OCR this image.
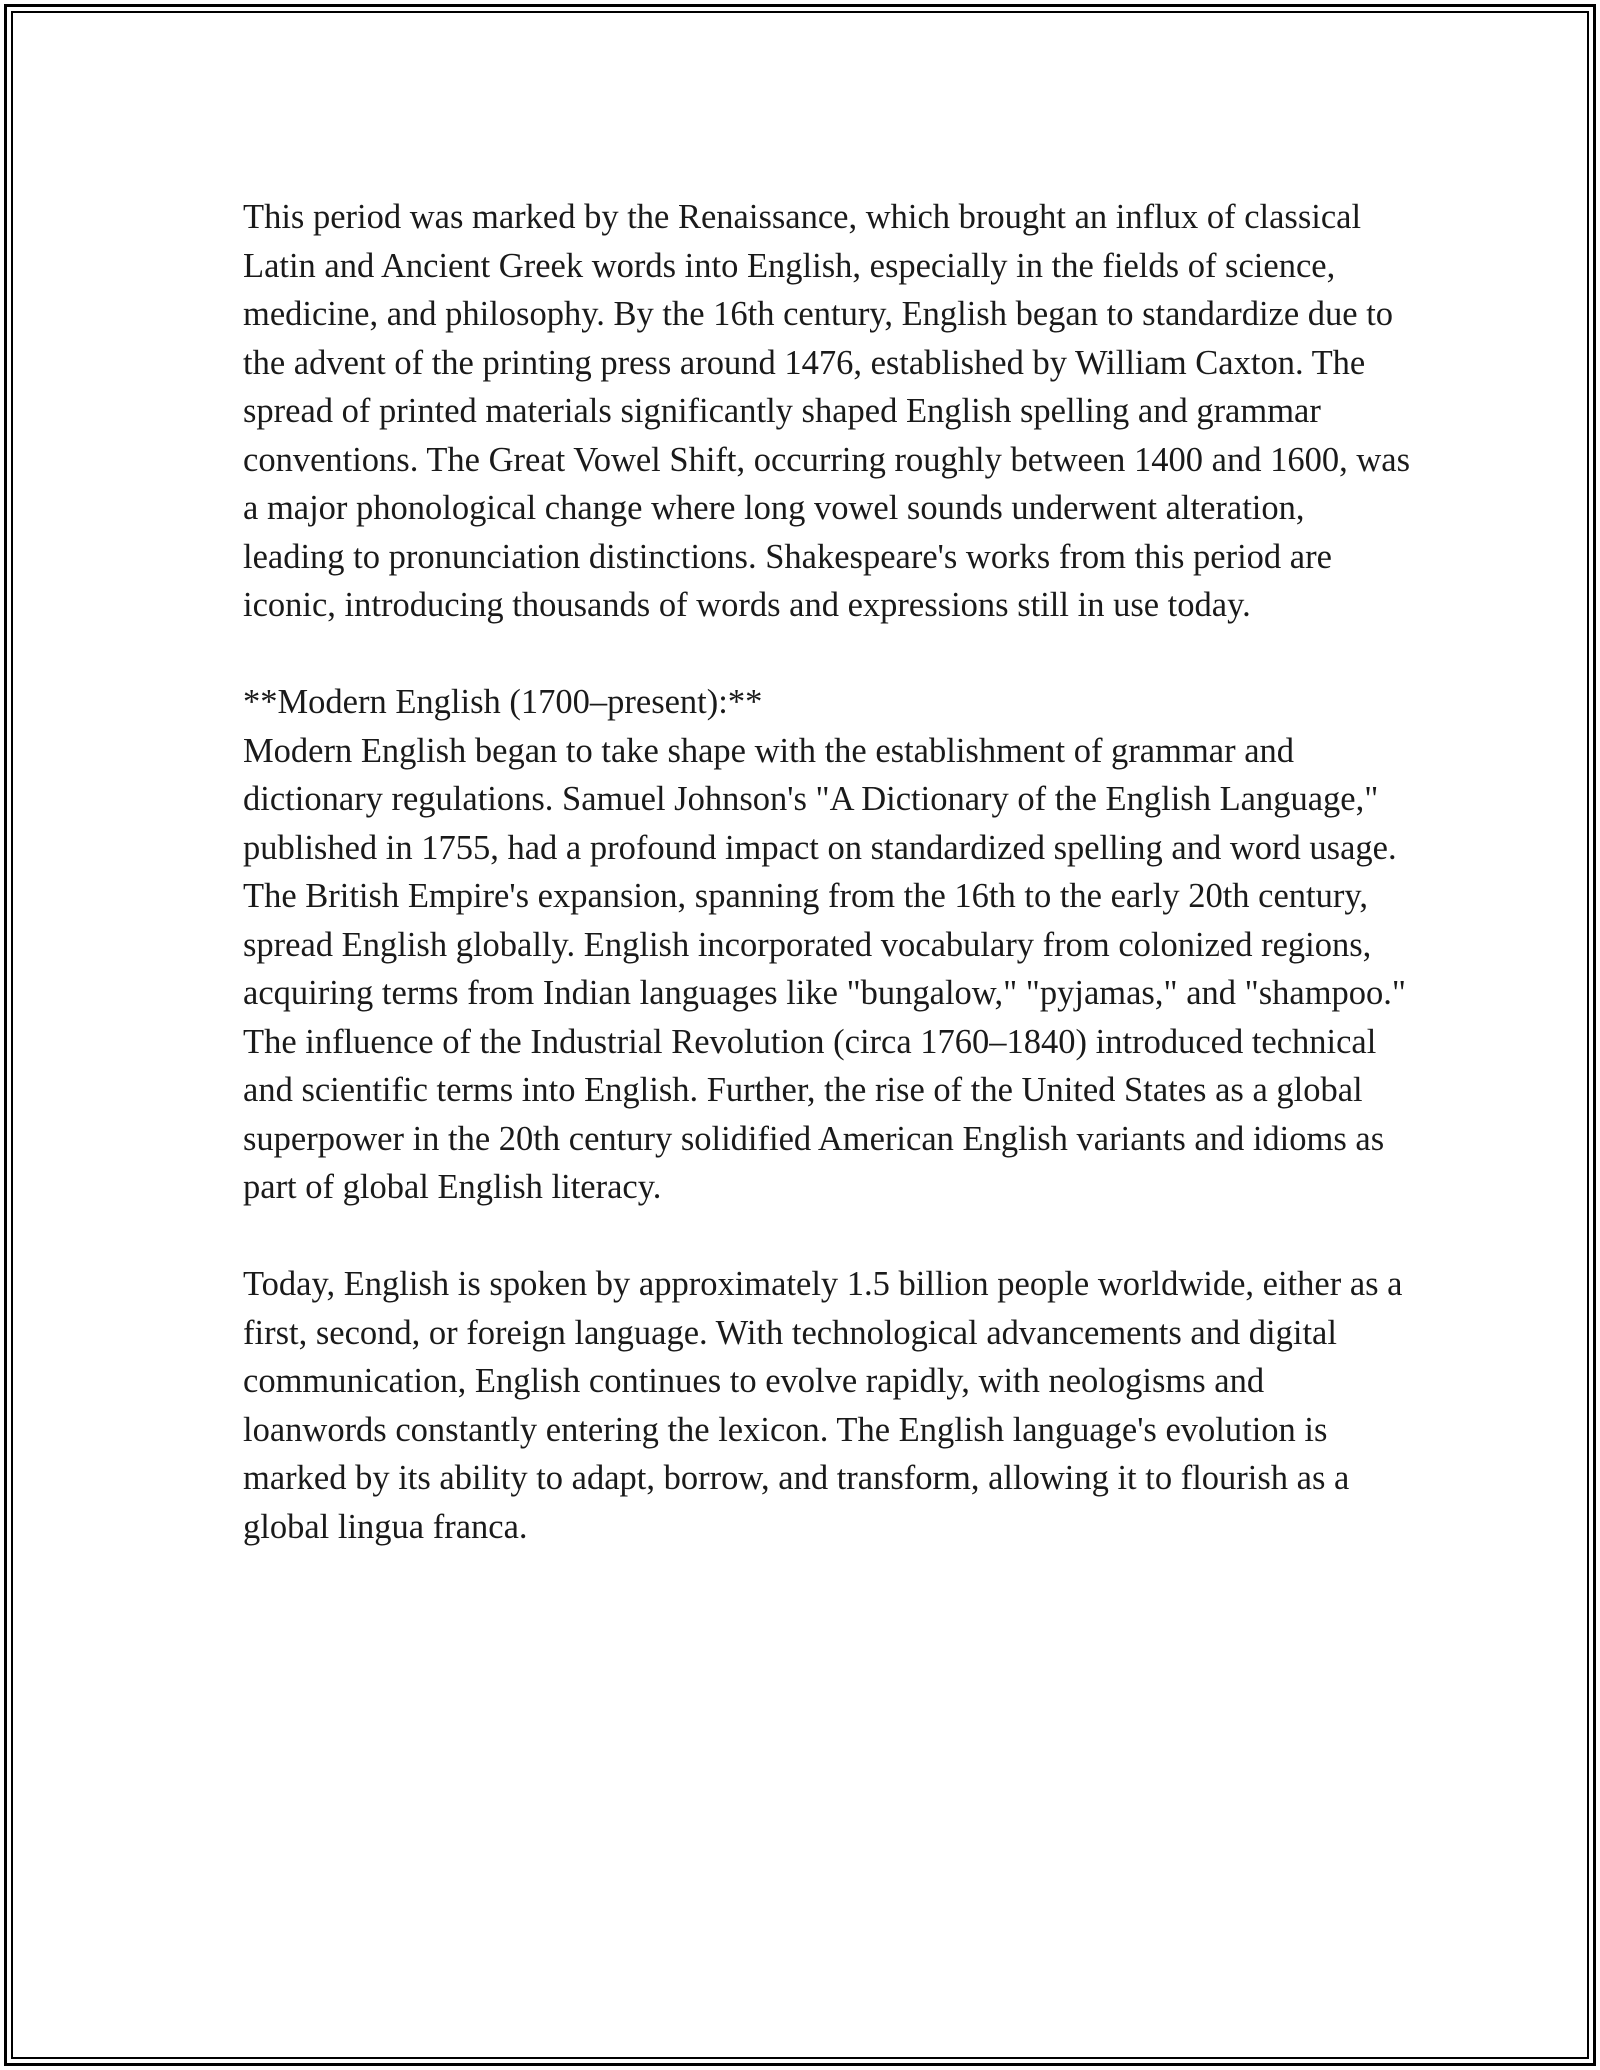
This period was marked by the Renaissance, which brought an influx of classical Latin and Ancient Greek words into English, especially in the fields of science, medicine, and philosophy. By the 16th century, English began to standardize due to the advent of the printing press around 1476, established by William Caxton. The spread of printed materials significantly shaped English spelling and grammar conventions. The Great Vowel Shift, occurring roughly between 1400 and 1600, was a major phonological change where long vowel sounds underwent alteration, leading to pronunciation distinctions. Shakespeare's works from this period are iconic, introducing thousands of words and expressions still in use today.

**Modern English (1700–present):**

Modern English began to take shape with the establishment of grammar and dictionary regulations. Samuel Johnson's "A Dictionary of the English Language," published in 1755, had a profound impact on standardized spelling and word usage. The British Empire's expansion, spanning from the 16th to the early 20th century, spread English globally. English incorporated vocabulary from colonized regions, acquiring terms from Indian languages like "bungalow," "pyjamas," and "shampoo." The influence of the Industrial Revolution (circa 1760–1840) introduced technical and scientific terms into English. Further, the rise of the United States as a global superpower in the 20th century solidified American English variants and idioms as part of global English literacy.

Today, English is spoken by approximately 1.5 billion people worldwide, either as a first, second, or foreign language. With technological advancements and digital communication, English continues to evolve rapidly, with neologisms and loanwords constantly entering the lexicon. The English language's evolution is marked by its ability to adapt, borrow, and transform, allowing it to flourish as a global lingua franca.
